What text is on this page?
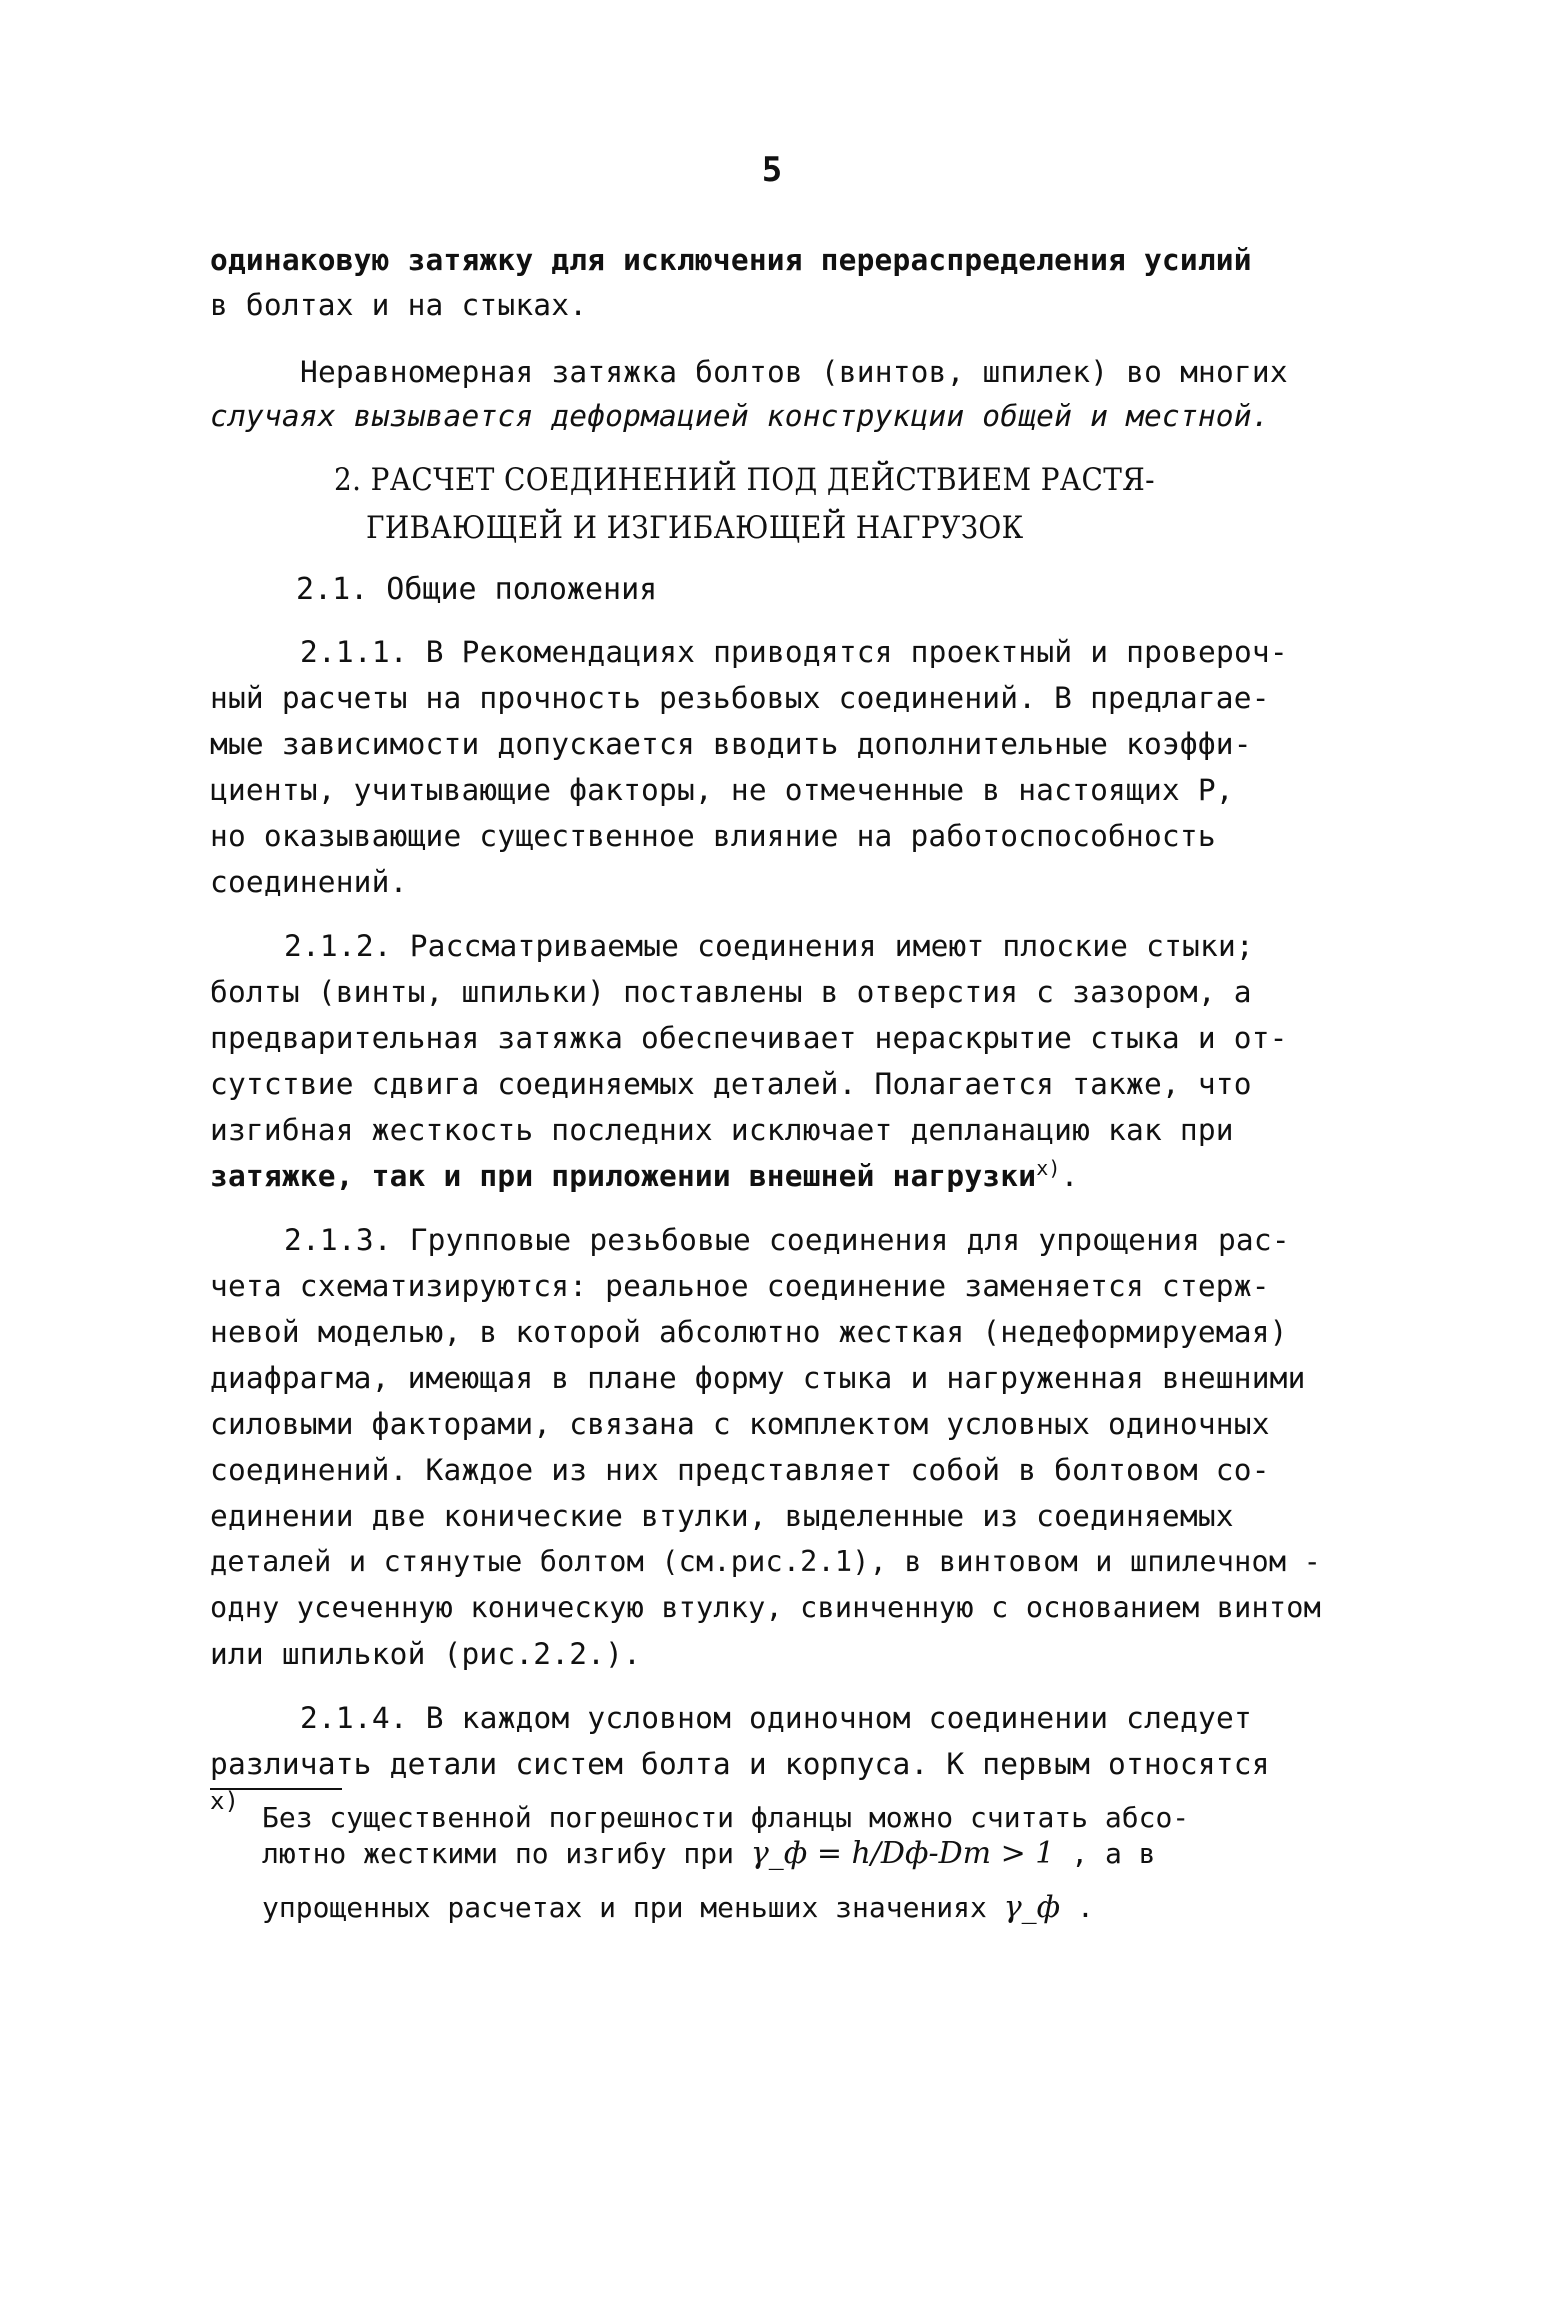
5
одинаковую затяжку для исключения перераспределения усилий
в болтах и на стыках.
Неравномерная затяжка болтов (винтов, шпилек) во многих
случаях вызывается деформацией конструкции общей и местной.
2. РАСЧЕТ СОЕДИНЕНИЙ ПОД ДЕЙСТВИЕМ РАСТЯ-
ГИВАЮЩЕЙ И ИЗГИБАЮЩЕЙ НАГРУЗОК
2.1. Общие положения
2.1.1. В Рекомендациях приводятся проектный и провероч-
ный расчеты на прочность резьбовых соединений. В предлагае-
мые зависимости допускается вводить дополнительные коэффи-
циенты, учитывающие факторы, не отмеченные в настоящих Р,
но оказывающие существенное влияние на работоспособность
соединений.
2.1.2. Рассматриваемые соединения имеют плоские стыки;
болты (винты, шпильки) поставлены в отверстия с зазором, а
предварительная затяжка обеспечивает нераскрытие стыка и от-
сутствие сдвига соединяемых деталей. Полагается также, что
изгибная жесткость последних исключает депланацию как при
затяжке, так и при приложении внешней нагрузки$^{x)}$.
2.1.3. Групповые резьбовые соединения для упрощения рас-
чета схематизируются: реальное соединение заменяется стерж-
невой моделью, в которой абсолютно жесткая (недеформируемая)
диафрагма, имеющая в плане форму стыка и нагруженная внешними
силовыми факторами, связана с комплектом условных одиночных
соединений. Каждое из них представляет собой в болтовом со-
единении две конические втулки, выделенные из соединяемых
деталей и стянутые болтом (см.рис.2.1), в винтовом и шпилечном -
одну усеченную коническую втулку, свинченную с основанием винтом
или шпилькой (рис.2.2.).
2.1.4. В каждом условном одиночном соединении следует
различать детали систем болта и корпуса. К первым относятся
x) Без существенной погрешности фланцы можно считать абсо-
лютно жесткими по изгибу при γ_ф = h/Dф-Dт > 1 , а в
упрощенных расчетах и при меньших значениях γ_ф .
